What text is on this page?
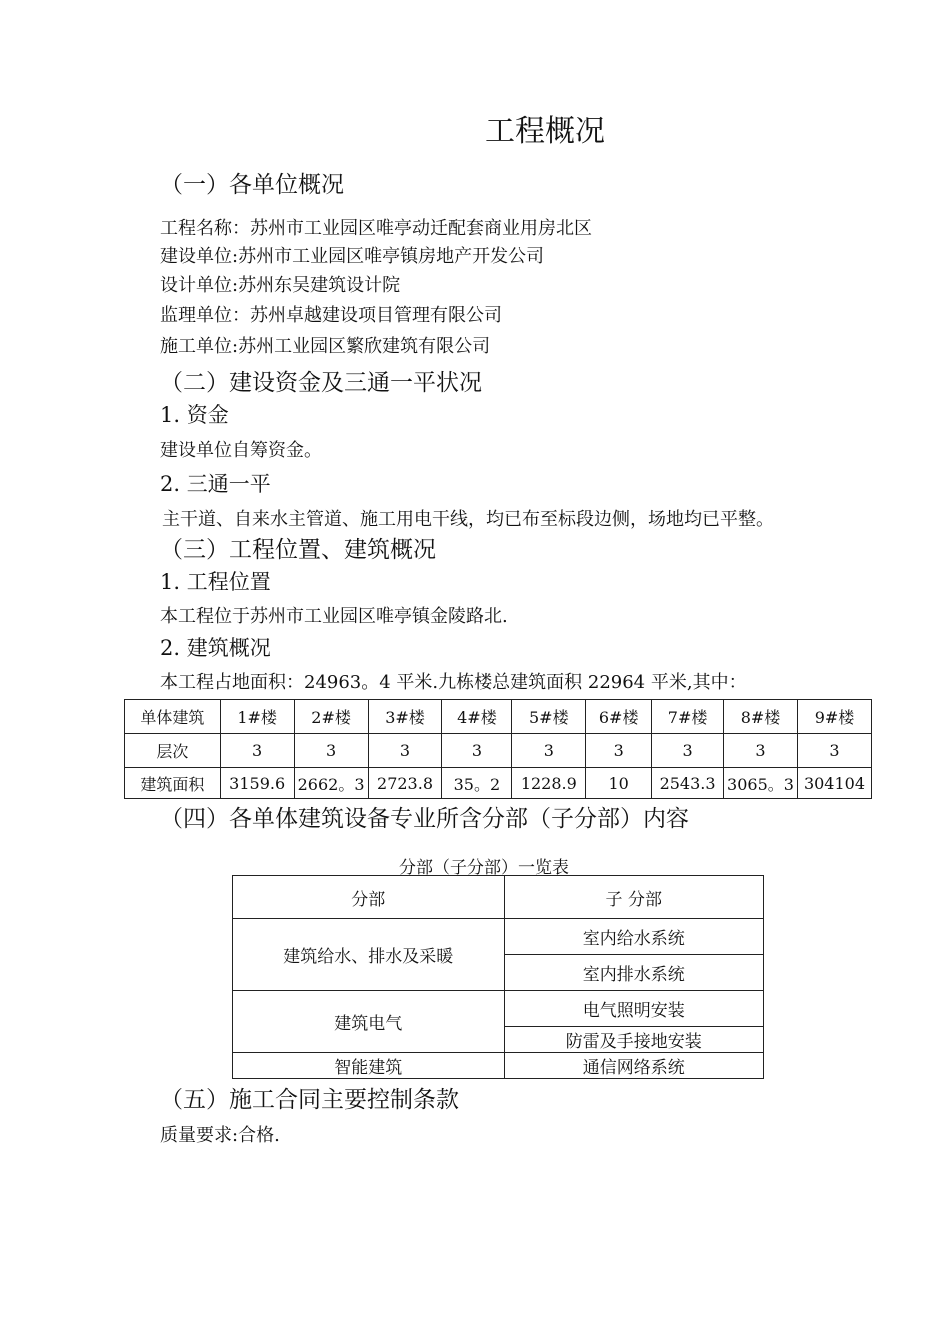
工程概况
（一）各单位概况
工程名称：苏州市工业园区唯亭动迁配套商业用房北区
建设单位:苏州市工业园区唯亭镇房地产开发公司
设计单位:苏州东吴建筑设计院
监理单位：苏州卓越建设项目管理有限公司
施工单位:苏州工业园区繁欣建筑有限公司
（二）建设资金及三通一平状况
1. 资金
建设单位自筹资金。
2. 三通一平
主干道、自来水主管道、施工用电干线，均已布至标段边侧，场地均已平整。
（三）工程位置、建筑概况
1. 工程位置
本工程位于苏州市工业园区唯亭镇金陵路北.
2. 建筑概况
本工程占地面积：24963。4 平米.九栋楼总建筑面积 22964 平米,其中：
单体建筑	1#楼	2#楼	3#楼	4#楼	5#楼	6#楼	7#楼	8#楼	9#楼
层次	3	3	3	3	3	3	3	3	3
建筑面积	3159.6	2662。3	2723.8	35。2	1228.9	10	2543.3	3065。3	304104
（四）各单体建筑设备专业所含分部（子分部）内容
分部（子分部）一览表
分部	子 分部
建筑给水、排水及采暖	室内给水系统
	室内排水系统
建筑电气	电气照明安装
	防雷及手接地安装
智能建筑	通信网络系统
（五）施工合同主要控制条款
质量要求:合格.
